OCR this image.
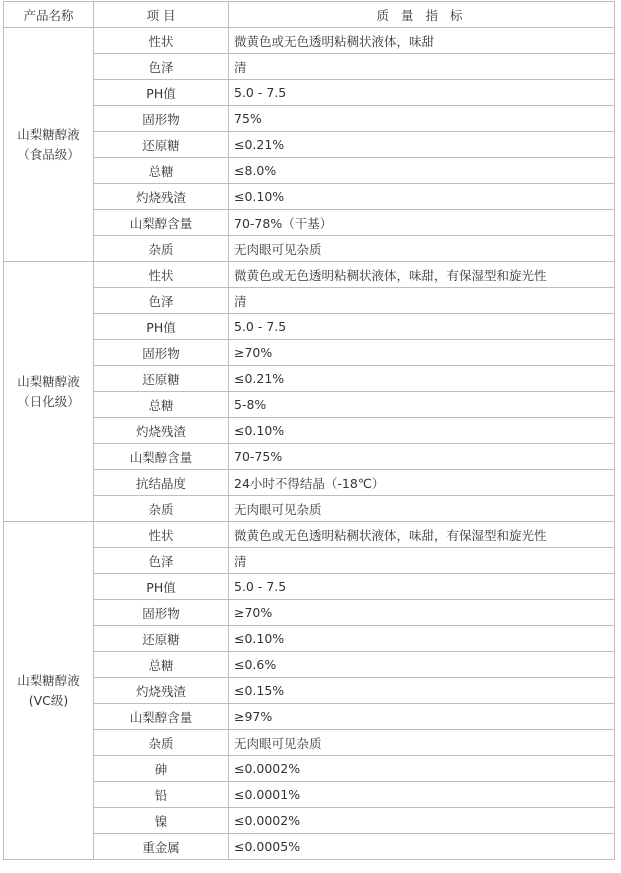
产品名称	项 目	质 量 指 标

山梨糖醇液
（食品级）	性状	微黄色或无色透明粘稠状液体，味甜
	色泽	清
	PH值	5.0 - 7.5
	固形物	75%
	还原糖	≤0.21%
	总糖	≤8.0%
	灼烧残渣	≤0.10%
	山梨醇含量	70-78%（干基）
	杂质	无肉眼可见杂质

山梨糖醇液
（日化级）	性状	微黄色或无色透明粘稠状液体，味甜，有保湿型和旋光性
	色泽	清
	PH值	5.0 - 7.5
	固形物	≥70%
	还原糖	≤0.21%
	总糖	5-8%
	灼烧残渣	≤0.10%
	山梨醇含量	70-75%
	抗结晶度	24小时不得结晶（-18℃）
	杂质	无肉眼可见杂质

山梨糖醇液
(VC级)	性状	微黄色或无色透明粘稠状液体，味甜，有保湿型和旋光性
	色泽	清
	PH值	5.0 - 7.5
	固形物	≥70%
	还原糖	≤0.10%
	总糖	≤0.6%
	灼烧残渣	≤0.15%
	山梨醇含量	≥97%
	杂质	无肉眼可见杂质
	砷	≤0.0002%
	铅	≤0.0001%
	镍	≤0.0002%
	重金属	≤0.0005%
